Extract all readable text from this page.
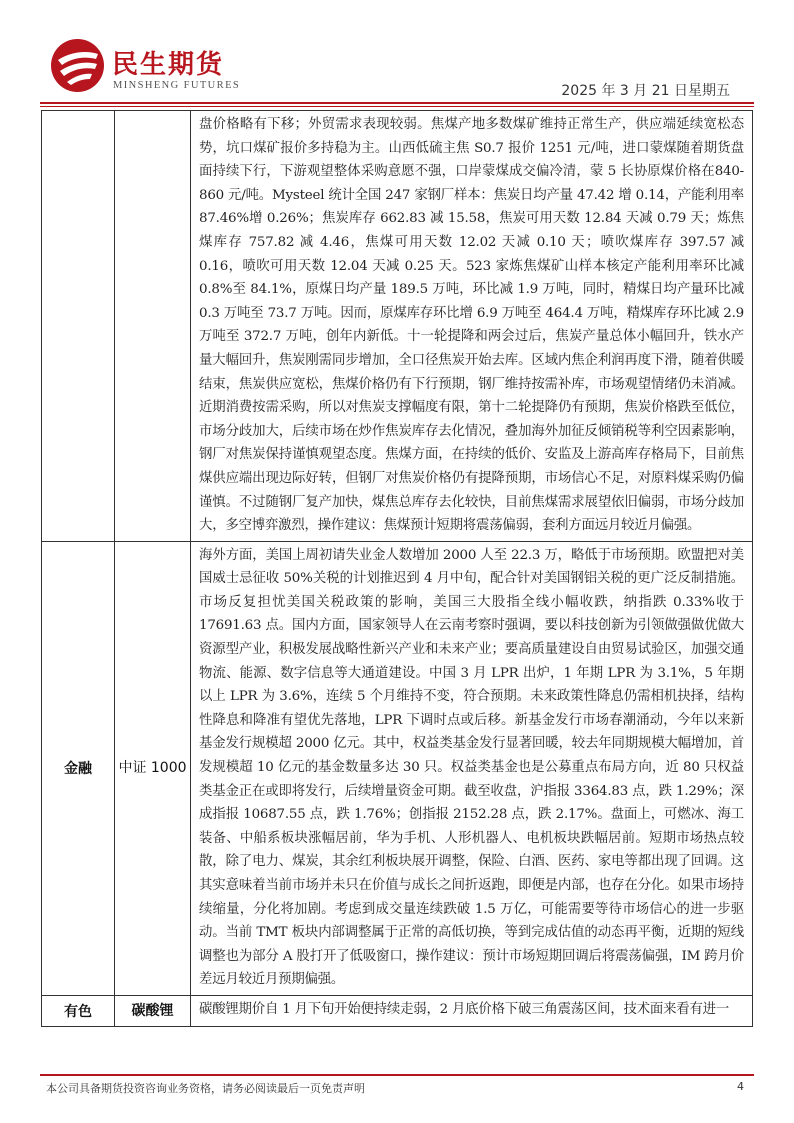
民生期货
MINSHENG FUTURES	2025 年 3 月 21 日星期五
		盘价格略有下移；外贸需求表现较弱。焦煤产地多数煤矿维持正常生产，供应端延续宽松态势，坑口煤矿报价多持稳为主。山西低硫主焦 S0.7 报价 1251 元/吨，进口蒙煤随着期货盘面持续下行，下游观望整体采购意愿不强，口岸蒙煤成交偏冷清，蒙 5 长协原煤价格在840-860 元/吨。Mysteel 统计全国 247 家钢厂样本：焦炭日均产量 47.42 增 0.14，产能利用率 87.46%增 0.26%；焦炭库存 662.83 减 15.58，焦炭可用天数 12.84 天减 0.79 天；炼焦煤库存 757.82 减 4.46，焦煤可用天数 12.02 天减 0.10 天；喷吹煤库存 397.57 减 0.16，喷吹可用天数 12.04 天减 0.25 天。523 家炼焦煤矿山样本核定产能利用率环比减 0.8%至 84.1%，原煤日均产量 189.5 万吨，环比减 1.9 万吨，同时，精煤日均产量环比减 0.3 万吨至 73.7 万吨。因而，原煤库存环比增 6.9 万吨至 464.4 万吨，精煤库存环比减 2.9 万吨至 372.7 万吨，创年内新低。十一轮提降和两会过后，焦炭产量总体小幅回升，铁水产量大幅回升，焦炭刚需同步增加，全口径焦炭开始去库。区域内焦企利润再度下滑，随着供暖结束，焦炭供应宽松，焦煤价格仍有下行预期，钢厂维持按需补库，市场观望情绪仍未消减。近期消费按需采购，所以对焦炭支撑幅度有限，第十二轮提降仍有预期，焦炭价格跌至低位，市场分歧加大，后续市场在炒作焦炭库存去化情况，叠加海外加征反倾销税等利空因素影响，钢厂对焦炭保持谨慎观望态度。焦煤方面，在持续的低价、安监及上游高库存格局下，目前焦煤供应端出现边际好转，但钢厂对焦炭价格仍有提降预期，市场信心不足，对原料煤采购仍偏谨慎。不过随钢厂复产加快，煤焦总库存去化较快，目前焦煤需求展望依旧偏弱，市场分歧加大，多空博弈激烈，操作建议：焦煤预计短期将震荡偏弱，套利方面远月较近月偏强。
金融	中证 1000	海外方面，美国上周初请失业金人数增加 2000 人至 22.3 万，略低于市场预期。欧盟把对美国威士忌征收 50%关税的计划推迟到 4 月中旬，配合针对美国钢铝关税的更广泛反制措施。市场反复担忧美国关税政策的影响，美国三大股指全线小幅收跌，纳指跌 0.33%收于 17691.63 点。国内方面，国家领导人在云南考察时强调，要以科技创新为引领做强做优做大资源型产业，积极发展战略性新兴产业和未来产业；要高质量建设自由贸易试验区，加强交通物流、能源、数字信息等大通道建设。中国 3 月 LPR 出炉，1 年期 LPR 为 3.1%，5 年期以上 LPR 为 3.6%，连续 5 个月维持不变，符合预期。未来政策性降息仍需相机抉择，结构性降息和降准有望优先落地，LPR 下调时点或后移。新基金发行市场春潮涌动，今年以来新基金发行规模超 2000 亿元。其中，权益类基金发行显著回暖，较去年同期规模大幅增加，首发规模超 10 亿元的基金数量多达 30 只。权益类基金也是公募重点布局方向，近 80 只权益类基金正在或即将发行，后续增量资金可期。截至收盘，沪指报 3364.83 点，跌 1.29%；深成指报 10687.55 点，跌 1.76%；创指报 2152.28 点，跌 2.17%。盘面上，可燃冰、海工装备、中船系板块涨幅居前，华为手机、人形机器人、电机板块跌幅居前。短期市场热点较散，除了电力、煤炭，其余红利板块展开调整，保险、白酒、医药、家电等都出现了回调。这其实意味着当前市场并未只在价值与成长之间折返跑，即便是内部，也存在分化。如果市场持续缩量，分化将加剧。考虑到成交量连续跌破 1.5 万亿，可能需要等待市场信心的进一步驱动。当前 TMT 板块内部调整属于正常的高低切换，等到完成估值的动态再平衡，近期的短线调整也为部分 A 股打开了低吸窗口，操作建议：预计市场短期回调后将震荡偏强，IM 跨月价差远月较近月预期偏强。
有色	碳酸锂	碳酸锂期价自 1 月下旬开始便持续走弱，2 月底价格下破三角震荡区间，技术面来看有进一
本公司具备期货投资咨询业务资格，请务必阅读最后一页免责声明	4
